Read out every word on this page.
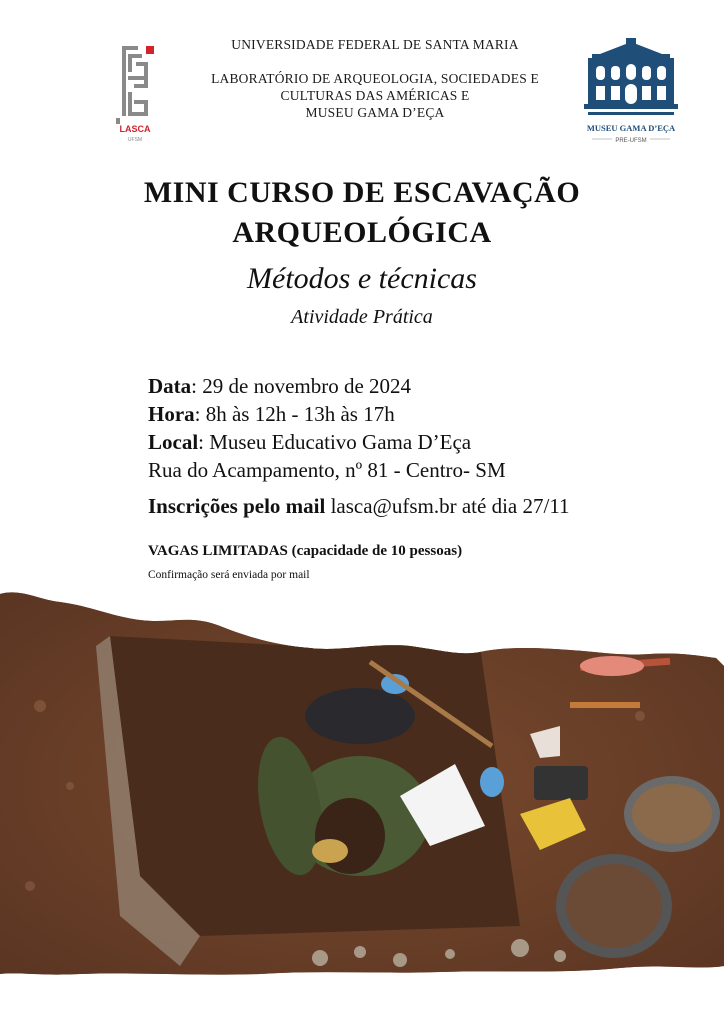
LASCA
UFSM
UNIVERSIDADE FEDERAL DE SANTA MARIA
LABORATÓRIO DE ARQUEOLOGIA, SOCIEDADES E
CULTURAS DAS AMÉRICAS E
MUSEU GAMA D’EÇA
MUSEU GAMA D’EÇA
PRE-UFSM
MINI CURSO DE ESCAVAÇÃO
ARQUEOLÓGICA
Métodos e técnicas
Atividade Prática
Data: 29 de novembro de 2024
Hora: 8h às 12h - 13h às 17h
Local: Museu Educativo Gama D’Eça
Rua do Acampamento, nº 81 - Centro- SM
Inscrições pelo mail lasca@ufsm.br até dia 27/11
VAGAS LIMITADAS (capacidade de 10 pessoas)
Confirmação será enviada por mail
